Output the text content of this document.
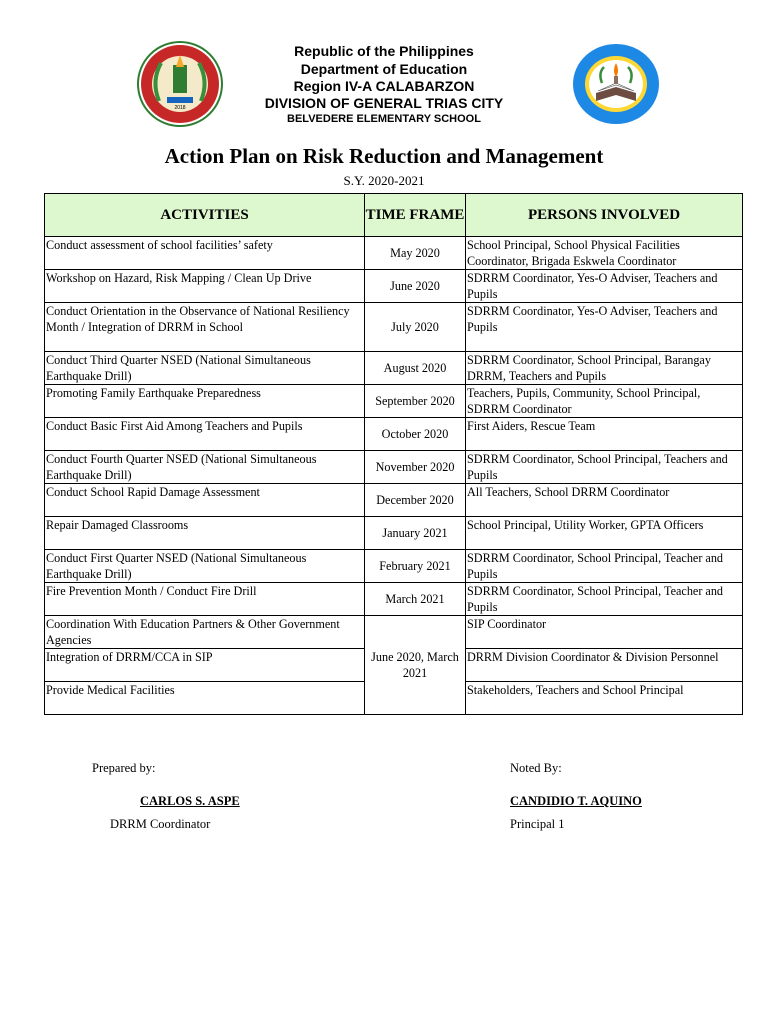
2018
Republic of the Philippines
Department of Education
Region IV-A CALABARZON
DIVISION OF GENERAL TRIAS CITY
BELVEDERE ELEMENTARY SCHOOL
Action Plan on Risk Reduction and Management
S.Y. 2020-2021
ACTIVITIES	TIME FRAME	PERSONS INVOLVED
Conduct assessment of school facilities’ safety	May 2020	School Principal, School Physical Facilities Coordinator, Brigada Eskwela Coordinator
Workshop on Hazard, Risk Mapping / Clean Up Drive	June 2020	SDRRM Coordinator, Yes-O Adviser, Teachers and Pupils
Conduct Orientation in the Observance of National Resiliency Month / Integration of DRRM in School	July 2020	SDRRM Coordinator, Yes-O Adviser, Teachers and Pupils
Conduct Third Quarter NSED (National Simultaneous Earthquake Drill)	August 2020	SDRRM Coordinator, School Principal, Barangay DRRM, Teachers and Pupils
Promoting Family Earthquake Preparedness	September 2020	Teachers, Pupils, Community, School Principal, SDRRM Coordinator
Conduct Basic First Aid Among Teachers and Pupils	October 2020	First Aiders, Rescue Team
Conduct Fourth Quarter NSED (National Simultaneous Earthquake Drill)	November 2020	SDRRM Coordinator, School Principal, Teachers and Pupils
Conduct School Rapid Damage Assessment	December 2020	All Teachers, School DRRM Coordinator
Repair Damaged Classrooms	January 2021	School Principal, Utility Worker, GPTA Officers
Conduct First Quarter NSED (National Simultaneous Earthquake Drill)	February 2021	SDRRM Coordinator, School Principal, Teacher and Pupils
Fire Prevention Month / Conduct Fire Drill	March 2021	SDRRM Coordinator, School Principal, Teacher and Pupils
Coordination With Education Partners & Other Government Agencies	June 2020, March 2021	SIP Coordinator
Integration of DRRM/CCA in SIP		DRRM Division Coordinator & Division Personnel
Provide Medical Facilities		Stakeholders, Teachers and School Principal
Prepared by:
CARLOS S. ASPE
DRRM Coordinator
Noted By:
CANDIDIO T. AQUINO
Principal 1
